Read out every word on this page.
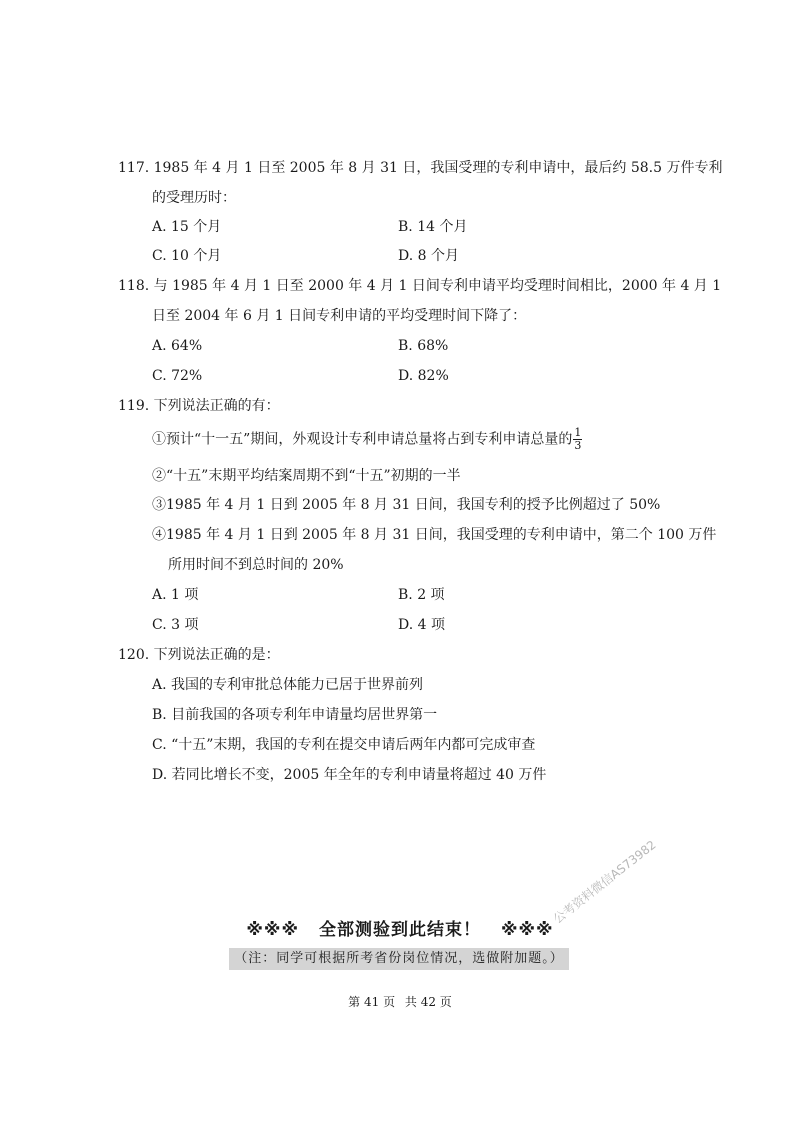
117. 1985 年 4 月 1 日至 2005 年 8 月 31 日，我国受理的专利申请中，最后约 58.5 万件专利
的受理历时：
A. 15 个月	B. 14 个月
C. 10 个月	D. 8 个月
118. 与 1985 年 4 月 1 日至 2000 年 4 月 1 日间专利申请平均受理时间相比，2000 年 4 月 1
日至 2004 年 6 月 1 日间专利申请的平均受理时间下降了：
A. 64%	B. 68%
C. 72%	D. 82%
119. 下列说法正确的有：
①预计“十一五”期间，外观设计专利申请总量将占到专利申请总量的 $\frac{1}{3}$
②“十五”末期平均结案周期不到“十五”初期的一半
③1985 年 4 月 1 日到 2005 年 8 月 31 日间，我国专利的授予比例超过了 50%
④1985 年 4 月 1 日到 2005 年 8 月 31 日间，我国受理的专利申请中，第二个 100 万件
所用时间不到总时间的 20%
A. 1 项	B. 2 项
C. 3 项	D. 4 项
120. 下列说法正确的是：
A. 我国的专利审批总体能力已居于世界前列
B. 目前我国的各项专利年申请量均居世界第一
C. “十五”末期，我国的专利在提交申请后两年内都可完成审查
D. 若同比增长不变，2005 年全年的专利申请量将超过 40 万件
※※※ 全部测验到此结束！ ※※※
（注：同学可根据所考省份岗位情况，选做附加题。）
公考资料微信AS73982
第 41 页 共 42 页
